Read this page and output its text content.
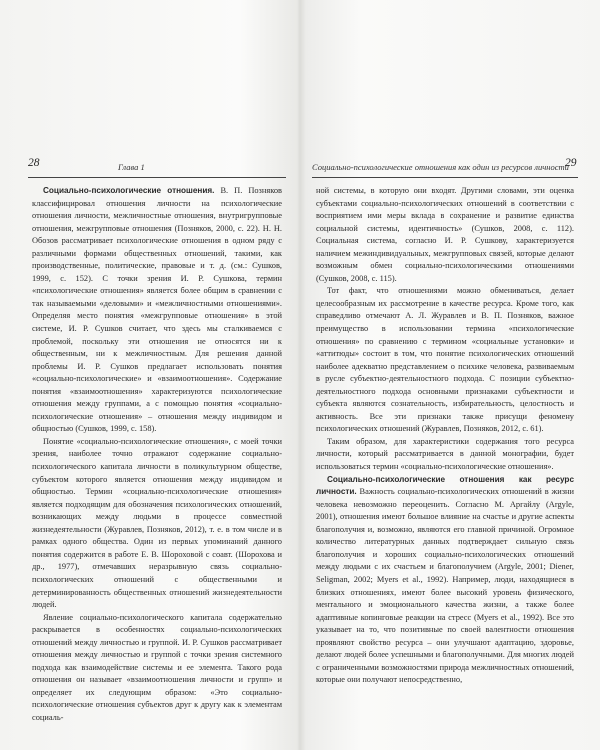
28	Глава 1

Социально-психологические отношения. В. П. Позняков классифицировал отношения личности на психологические отношения личности, межличностные отношения, внутригрупповые отношения, межгрупповые отношения (Позняков, 2000, с. 22). Н. Н. Обозов рассматривает психологические отношения в одном ряду с различными формами общественных отношений, такими, как производственные, политические, правовые и т. д. (см.: Сушков, 1999, с. 152). С точки зрения И. Р. Сушкова, термин «психологические отношения» является более общим в сравнении с так называемыми «деловыми» и «межличностными отношениями». Определяя место понятия «межгрупповые отношения» в этой системе, И. Р. Сушков считает, что здесь мы сталкиваемся с проблемой, поскольку эти отношения не относятся ни к общественным, ни к межличностным. Для решения данной проблемы И. Р. Сушков предлагает использовать понятия «социально-психологические» и «взаимоотношения». Содержание понятия «взаимоотношения» характеризуются психологические отношения между группами, а с помощью понятия «социально-психологические отношения» – отношения между индивидом и общностью (Сушков, 1999, с. 158).

Понятие «социально-психологические отношения», с моей точки зрения, наиболее точно отражают содержание социально-психологического капитала личности в поликультурном обществе, субъектом которого является отношения между индивидом и общностью. Термин «социально-психологические отношения» является подходящим для обозначения психологических отношений, возникающих между людьми в процессе совместной жизнедеятельности (Журавлев, Позняков, 2012), т. е. в том числе и в рамках одного общества. Один из первых упоминаний данного понятия содержится в работе Е. В. Шороховой с соавт. (Шорохова и др., 1977), отмечавших неразрывную связь социально-психологических отношений с общественными и детерминированность общественных отношений жизнедеятельности людей.

Явление социально-психологического капитала содержательно раскрывается в особенностях социально-психологических отношений между личностью и группой. И. Р. Сушков рассматривает отношения между личностью и группой с точки зрения системного подхода как взаимодействие системы и ее элемента. Такого рода отношения он называет «взаимоотношения личности и групп» и определяет их следующим образом: «Это социально-психологические отношения субъектов друг к другу как к элементам социаль-

Социально-психологические отношения как один из ресурсов личности
29

ной системы, в которую они входят. Другими словами, эти оценка субъектами социально-психологических отношений в соответствии с восприятием ими меры вклада в сохранение и развитие единства социальной системы, идентичность» (Сушков, 2008, с. 112). Социальная система, согласно И. Р. Сушкову, характеризуется наличием межиндивидуальных, межгрупповых связей, которые делают возможным обмен социально-психологическими отношениями (Сушков, 2008, с. 115).

Тот факт, что отношениями можно обмениваться, делает целесообразным их рассмотрение в качестве ресурса. Кроме того, как справедливо отмечают А. Л. Журавлев и В. П. Позняков, важное преимущество в использовании термина «психологические отношения» по сравнению с термином «социальные установки» и «аттитюды» состоит в том, что понятие психологических отношений наиболее адекватно представлением о психике человека, развиваемым в русле субъектно-деятельностного подхода. С позиции субъектно-деятельностного подхода основными признаками субъектности и субъекта являются сознательность, избирательность, целостность и активность. Все эти признаки также присущи феномену психологических отношений (Журавлев, Позняков, 2012, с. 61).

Таким образом, для характеристики содержания того ресурса личности, который рассматривается в данной монографии, будет использоваться термин «социально-психологические отношения».

Социально-психологические отношения как ресурс личности. Важность социально-психологических отношений в жизни человека невозможно переоценить. Согласно М. Аргайлу (Argyle, 2001), отношения имеют большое влияние на счастье и другие аспекты благополучия и, возможно, являются его главной причиной. Огромное количество литературных данных подтверждает сильную связь благополучия и хороших социально-психологических отношений между людьми с их счастьем и благополучием (Argyle, 2001; Diener, Seligman, 2002; Myers et al., 1992). Например, люди, находящиеся в близких отношениях, имеют более высокий уровень физического, ментального и эмоционального качества жизни, а также более адаптивные копинговые реакции на стресс (Myers et al., 1992). Все это указывает на то, что позитивные по своей валентности отношения проявляют свойство ресурса – они улучшают адаптацию, здоровье, делают людей более успешными и благополучными. Для многих людей с ограниченными возможностями природа межличностных отношений, которые они получают непосредственно,
